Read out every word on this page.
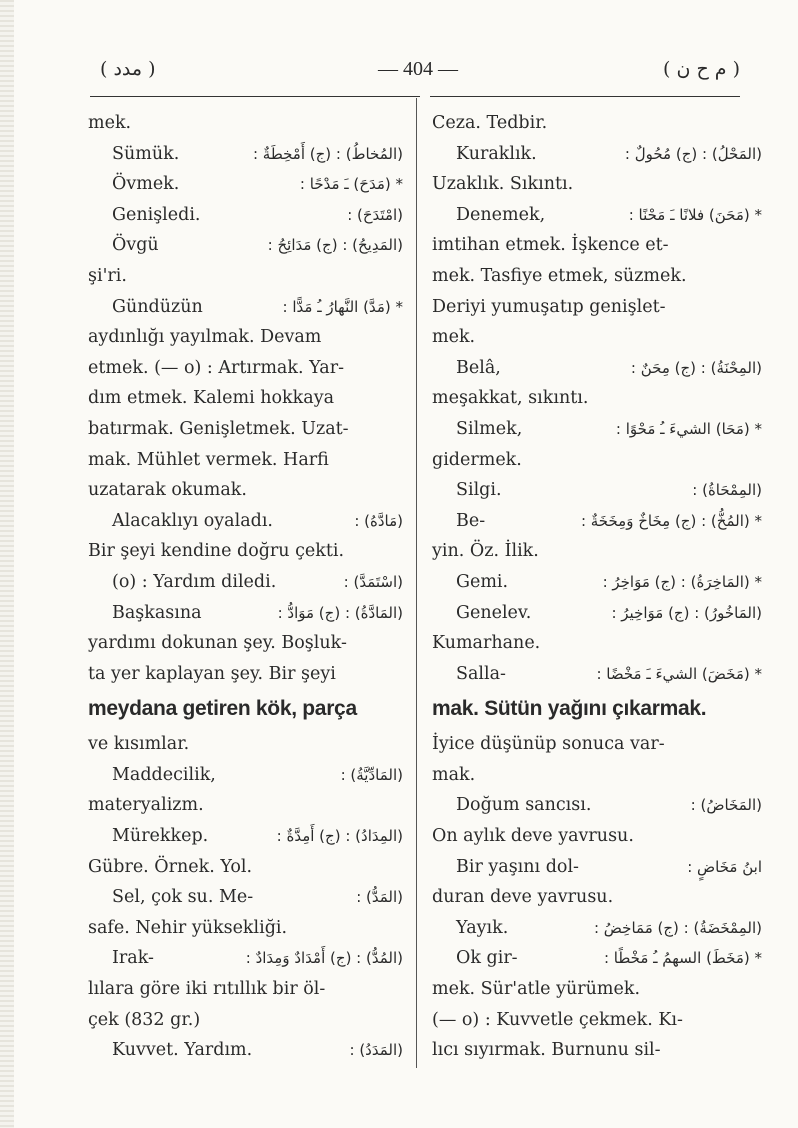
( مدد )	— 404 —	( م ح ن )
mek.
Sümük.	(المُخاطُ) : (ج) أَمْخِطَةٌ :
Övmek.	* (مَدَحَ) ـَ مَدْحًا :
Genişledi.	(امْتَدَحَ) :
Övgü	(المَدِيحُ) : (ج) مَدَائِحُ :
şi'ri.
Gündüzün	* (مَدَّ) النَّهارُ ـُ مَدًّا :
aydınlığı yayılmak. Devam
etmek. (— o) : Artırmak. Yar-
dım etmek. Kalemi hokkaya
batırmak. Genişletmek. Uzat-
mak. Mühlet vermek. Harfi
uzatarak okumak.
Alacaklıyı oyaladı.	(مَادَّهُ) :
Bir şeyi kendine doğru çekti.
(o) : Yardım diledi.	(اسْتَمَدَّ) :
Başkasına	(المَادَّةُ) : (ج) مَوَادُّ :
yardımı dokunan şey. Boşluk-
ta yer kaplayan şey. Bir şeyi
meydana getiren kök, parça
ve kısımlar.
Maddecilik,	(المَادِّيَّةُ) :
materyalizm.
Mürekkep.	(المِدَادُ) : (ج) أَمِدَّةٌ :
Gübre. Örnek. Yol.
Sel, çok su. Me-	(المَدُّ) :
safe. Nehir yüksekliği.
Irak-	(المُدُّ) : (ج) أَمْدَادٌ وَمِدَادٌ :
lılara göre iki rıtıllık bir öl-
çek (832 gr.)
Kuvvet. Yardım.	(المَدَدُ) :
Ceza. Tedbir.
Kuraklık.	(المَحْلُ) : (ج) مُحُولٌ :
Uzaklık. Sıkıntı.
Denemek,	* (مَحَنَ) فلانًا ـَ مَحْنًا :
imtihan etmek. İşkence et-
mek. Tasfiye etmek, süzmek.
Deriyi yumuşatıp genişlet-
mek.
Belâ,	(المِحْنَةُ) : (ج) مِحَنٌ :
meşakkat, sıkıntı.
Silmek,	* (مَحَا) الشيءَ ـُ مَحْوًا :
gidermek.
Silgi.	(المِمْحَاةُ) :
Be-	* (المُخُّ) : (ج) مِخَاخٌ وَمِخَخَةٌ :
yin. Öz. İlik.
Gemi.	* (المَاخِرَةُ) : (ج) مَوَاخِرُ :
Genelev.	(المَاخُورُ) : (ج) مَوَاخِيرُ :
Kumarhane.
Salla-	* (مَخَضَ) الشيءَ ـَ مَخْضًا :
mak. Sütün yağını çıkarmak.
İyice düşünüp sonuca var-
mak.
Doğum sancısı.	(المَخَاضُ) :
On aylık deve yavrusu.
Bir yaşını dol-	ابنُ مَخَاضٍ :
duran deve yavrusu.
Yayık.	(المِمْخَضَةُ) : (ج) مَمَاخِضُ :
Ok gir-	* (مَخَطَ) السهمُ ـُ مَخْطًا :
mek. Sür'atle yürümek.
(— o) : Kuvvetle çekmek. Kı-
lıcı sıyırmak. Burnunu sil-
